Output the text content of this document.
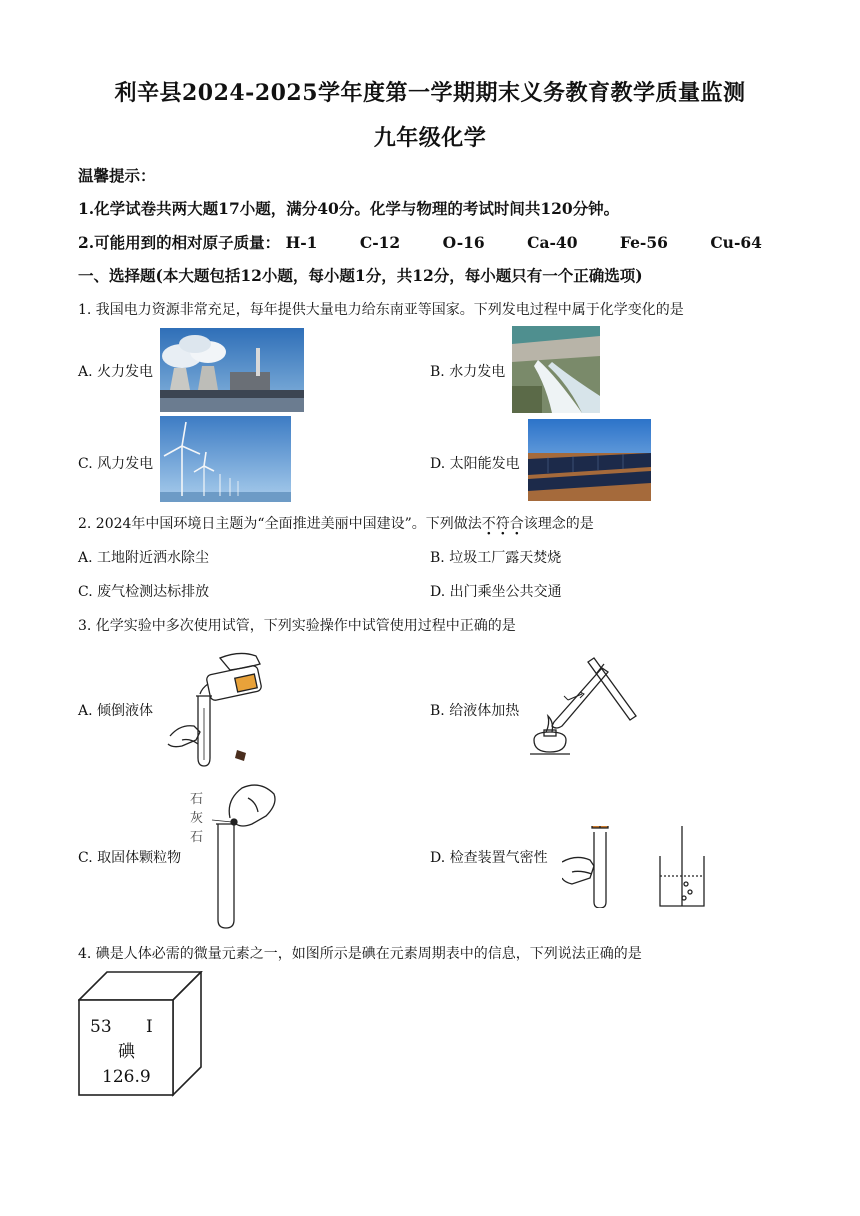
利辛县2024-2025学年度第一学期期末义务教育教学质量监测
九年级化学
温馨提示：
1.化学试卷共两大题17小题，满分40分。化学与物理的考试时间共120分钟。
2.可能用到的相对原子质量： H-1	C-12	O-16	Ca-40	Fe-56	Cu-64
一、选择题(本大题包括12小题，每小题1分，共12分，每小题只有一个正确选项)
1. 我国电力资源非常充足，每年提供大量电力给东南亚等国家。下列发电过程中属于化学变化的是
A. 火力发电	B. 水力发电
C. 风力发电	D. 太阳能发电
2. 2024年中国环境日主题为“全面推进美丽中国建设”。下列做法不符合该理念的是
A. 工地附近洒水除尘	B. 垃圾工厂露天焚烧
C. 废气检测达标排放	D. 出门乘坐公共交通
3. 化学实验中多次使用试管，下列实验操作中试管使用过程中正确的是
A. 倾倒液体	B. 给液体加热
石
灰
石
C. 取固体颗粒物	D. 检查装置气密性
4. 碘是人体必需的微量元素之一，如图所示是碘在元素周期表中的信息，下列说法正确的是
53 I
碘
126.9
